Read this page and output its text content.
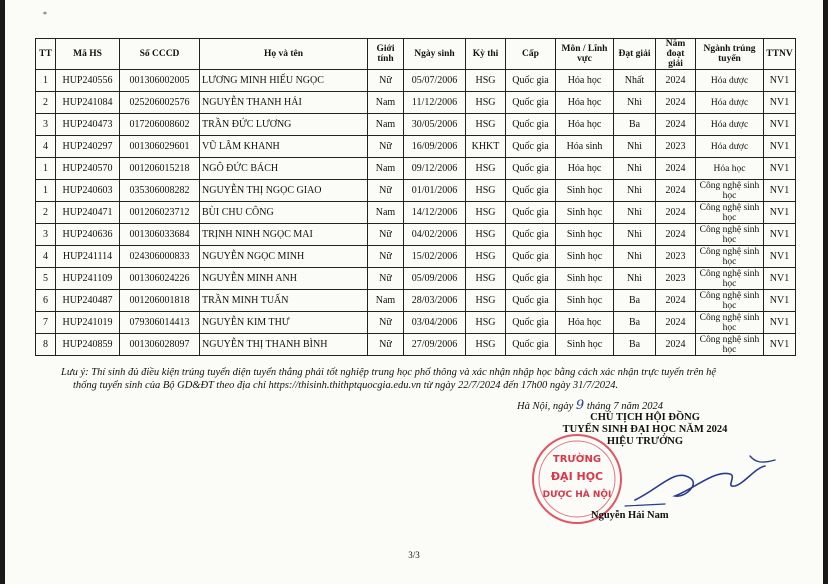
*
TT	Mã HS	Số CCCD	Họ và tên	Giới tính	Ngày sinh	Kỳ thi	Cấp	Môn / Lĩnh vực	Đạt giải	Năm đoạt giải	Ngành trúng tuyển	TTNV
1	HUP240556	001306002005	LƯƠNG MINH HIẾU NGỌC	Nữ	05/07/2006	HSG	Quốc gia	Hóa học	Nhất	2024	Hóa dược	NV1
2	HUP241084	025206002576	NGUYỄN THANH HẢI	Nam	11/12/2006	HSG	Quốc gia	Hóa học	Nhì	2024	Hóa dược	NV1
3	HUP240473	017206008602	TRẦN ĐỨC LƯƠNG	Nam	30/05/2006	HSG	Quốc gia	Hóa học	Ba	2024	Hóa dược	NV1
4	HUP240297	001306029601	VŨ LÂM KHANH	Nữ	16/09/2006	KHKT	Quốc gia	Hóa sinh	Nhì	2023	Hóa dược	NV1
1	HUP240570	001206015218	NGÔ ĐỨC BÁCH	Nam	09/12/2006	HSG	Quốc gia	Hóa học	Nhì	2024	Hóa học	NV1
1	HUP240603	035306008282	NGUYỄN THỊ NGỌC GIAO	Nữ	01/01/2006	HSG	Quốc gia	Sinh học	Nhì	2024	Công nghệ sinh học	NV1
2	HUP240471	001206023712	BÙI CHU CÔNG	Nam	14/12/2006	HSG	Quốc gia	Sinh học	Nhì	2024	Công nghệ sinh học	NV1
3	HUP240636	001306033684	TRỊNH NINH NGỌC MAI	Nữ	04/02/2006	HSG	Quốc gia	Sinh học	Nhì	2024	Công nghệ sinh học	NV1
4	HUP241114	024306000833	NGUYỄN NGỌC MINH	Nữ	15/02/2006	HSG	Quốc gia	Sinh học	Nhì	2023	Công nghệ sinh học	NV1
5	HUP241109	001306024226	NGUYỄN MINH ANH	Nữ	05/09/2006	HSG	Quốc gia	Sinh học	Nhì	2023	Công nghệ sinh học	NV1
6	HUP240487	001206001818	TRẦN MINH TUẤN	Nam	28/03/2006	HSG	Quốc gia	Sinh học	Ba	2024	Công nghệ sinh học	NV1
7	HUP241019	079306014413	NGUYỄN KIM THƯ	Nữ	03/04/2006	HSG	Quốc gia	Hóa học	Ba	2024	Công nghệ sinh học	NV1
8	HUP240859	001306028097	NGUYỄN THỊ THANH BÌNH	Nữ	27/09/2006	HSG	Quốc gia	Sinh học	Ba	2024	Công nghệ sinh học	NV1
Lưu ý: Thí sinh đủ điều kiện trúng tuyển diện tuyển thẳng phải tốt nghiệp trung học phổ thông và xác nhận nhập học bằng cách xác nhận trực tuyến trên hệ
thống tuyển sinh của Bộ GD&ĐT theo địa chỉ https://thisinh.thithptquocgia.edu.vn từ ngày 22/7/2024 đến 17h00 ngày 31/7/2024.
Hà Nội, ngày 9 tháng 7 năm 2024
CHỦ TỊCH HỘI ĐỒNG
TUYỂN SINH ĐẠI HỌC NĂM 2024
HIỆU TRƯỞNG
TRƯỜNG
ĐẠI HỌC
DƯỢC HÀ NỘI
Nguyễn Hải Nam
3/3
